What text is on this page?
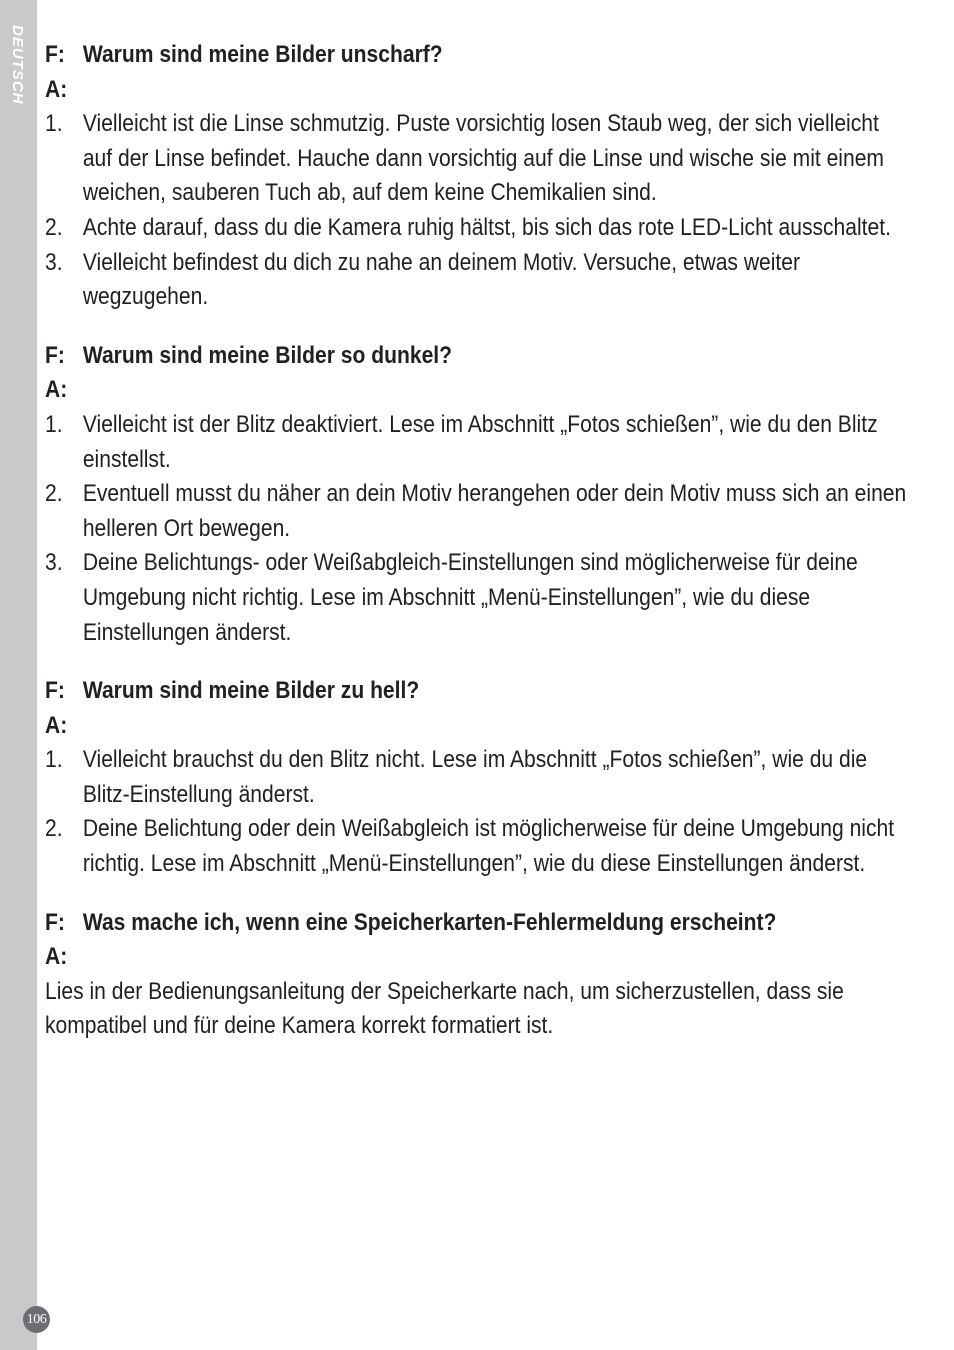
DEUTSCH
106
F: Warum sind meine Bilder unscharf?
A:
1. Vielleicht ist die Linse schmutzig. Puste vorsichtig losen Staub weg, der sich vielleicht auf der Linse befindet. Hauche dann vorsichtig auf die Linse und wische sie mit einem weichen, sauberen Tuch ab, auf dem keine Chemikalien sind.
2. Achte darauf, dass du die Kamera ruhig hältst, bis sich das rote LED-Licht ausschaltet.
3. Vielleicht befindest du dich zu nahe an deinem Motiv. Versuche, etwas weiter wegzugehen.
F: Warum sind meine Bilder so dunkel?
A:
1. Vielleicht ist der Blitz deaktiviert. Lese im Abschnitt „Fotos schießen”, wie du den Blitz einstellst.
2. Eventuell musst du näher an dein Motiv herangehen oder dein Motiv muss sich an einen helleren Ort bewegen.
3. Deine Belichtungs- oder Weißabgleich-Einstellungen sind möglicherweise für deine Umgebung nicht richtig. Lese im Abschnitt „Menü-Einstellungen”, wie du diese Einstellungen änderst.
F: Warum sind meine Bilder zu hell?
A:
1. Vielleicht brauchst du den Blitz nicht. Lese im Abschnitt „Fotos schießen”, wie du die Blitz-Einstellung änderst.
2. Deine Belichtung oder dein Weißabgleich ist möglicherweise für deine Umgebung nicht richtig. Lese im Abschnitt „Menü-Einstellungen”, wie du diese Einstellungen änderst.
F: Was mache ich, wenn eine Speicherkarten-Fehlermeldung erscheint?
A:

Lies in der Bedienungsanleitung der Speicherkarte nach, um sicherzustellen, dass sie kompatibel und für deine Kamera korrekt formatiert ist.
